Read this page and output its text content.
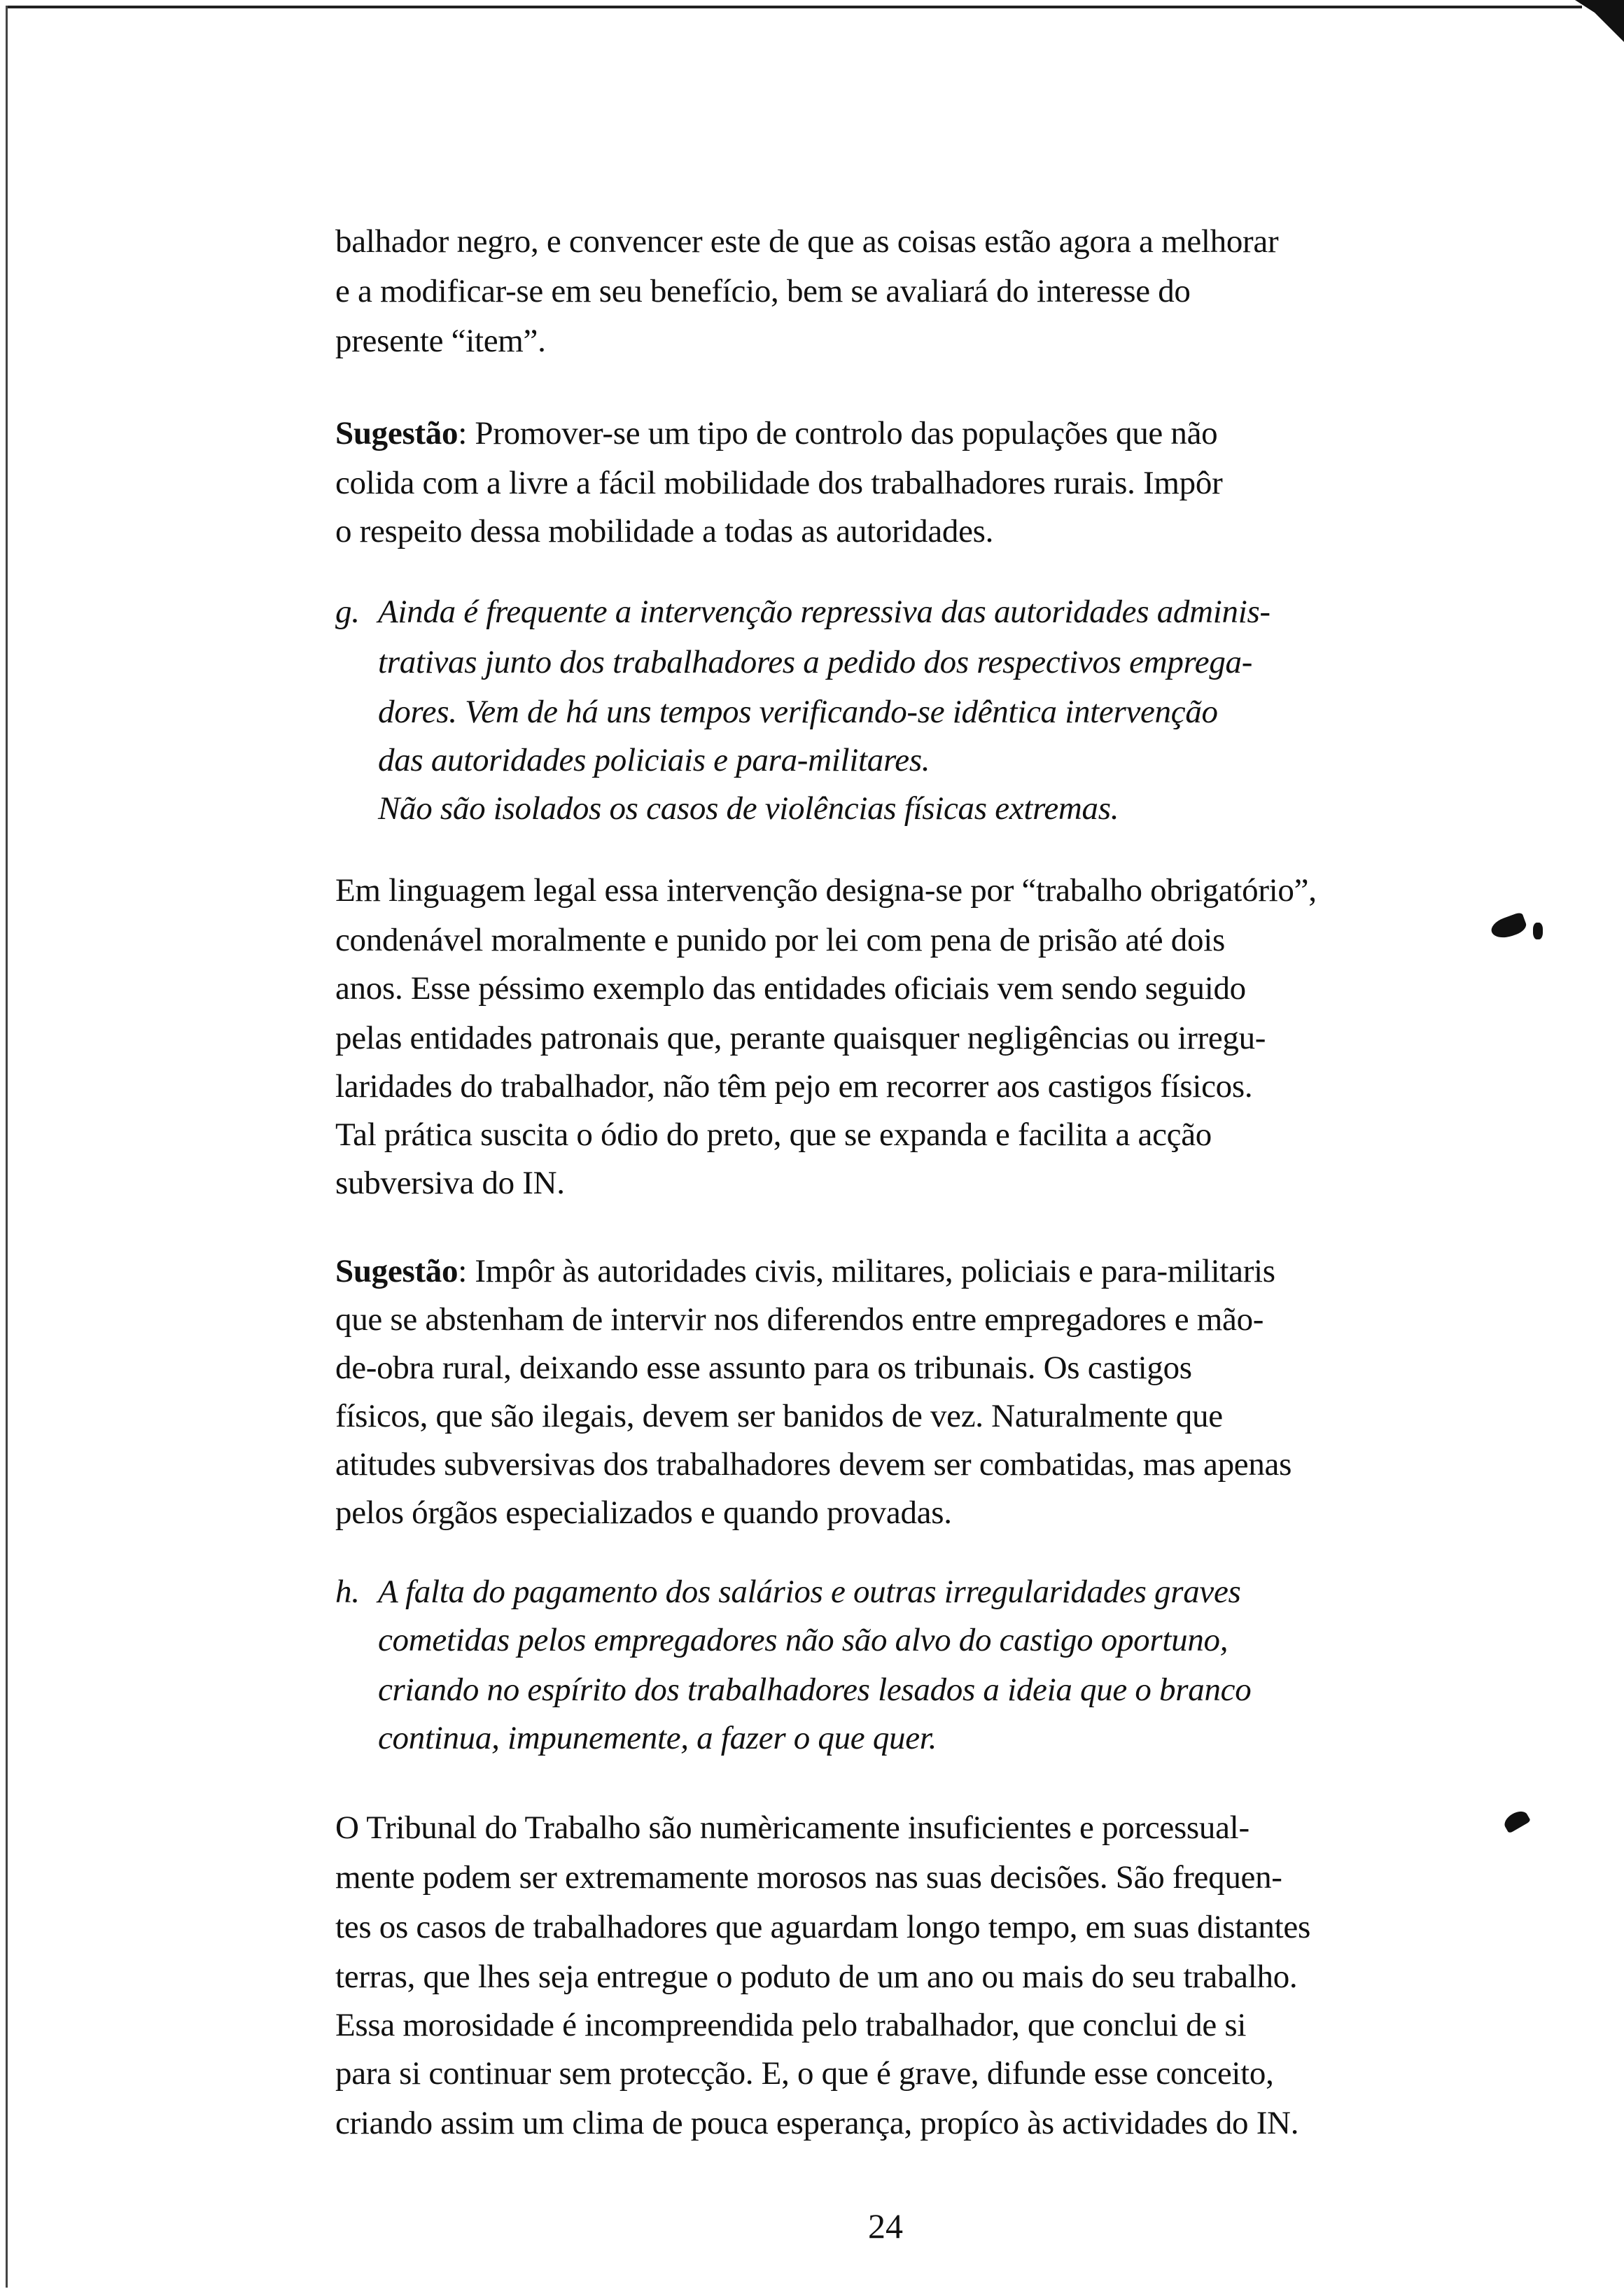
balhador negro, e convencer este de que as coisas estão agora a melhorar
e a modificar-se em seu benefício, bem se avaliará do interesse do
presente “item”.
Sugestão: Promover-se um tipo de controlo das populações que não
colida com a livre a fácil mobilidade dos trabalhadores rurais. Impôr
o respeito dessa mobilidade a todas as autoridades.
Ainda é frequente a intervenção repressiva das autoridades adminis-
g.
trativas junto dos trabalhadores a pedido dos respectivos emprega-
dores. Vem de há uns tempos verificando-se idêntica intervenção
das autoridades policiais e para-militares.
Não são isolados os casos de violências físicas extremas.
Em linguagem legal essa intervenção designa-se por “trabalho obrigatório”,
condenável moralmente e punido por lei com pena de prisão até dois
anos. Esse péssimo exemplo das entidades oficiais vem sendo seguido
pelas entidades patronais que, perante quaisquer negligências ou irregu-
laridades do trabalhador, não têm pejo em recorrer aos castigos físicos.
Tal prática suscita o ódio do preto, que se expanda e facilita a acção
subversiva do IN.
Sugestão: Impôr às autoridades civis, militares, policiais e para-militaris
que se abstenham de intervir nos diferendos entre empregadores e mão-
de-obra rural, deixando esse assunto para os tribunais. Os castigos
físicos, que são ilegais, devem ser banidos de vez. Naturalmente que
atitudes subversivas dos trabalhadores devem ser combatidas, mas apenas
pelos órgãos especializados e quando provadas.
A falta do pagamento dos salários e outras irregularidades graves
h.
cometidas pelos empregadores não são alvo do castigo oportuno,
criando no espírito dos trabalhadores lesados a ideia que o branco
continua, impunemente, a fazer o que quer.
O Tribunal do Trabalho são numèricamente insuficientes e porcessual-
mente podem ser extremamente morosos nas suas decisões. São frequen-
tes os casos de trabalhadores que aguardam longo tempo, em suas distantes
terras, que lhes seja entregue o poduto de um ano ou mais do seu trabalho.
Essa morosidade é incompreendida pelo trabalhador, que conclui de si
para si continuar sem protecção. E, o que é grave, difunde esse conceito,
criando assim um clima de pouca esperança, propíco às actividades do IN.
24
